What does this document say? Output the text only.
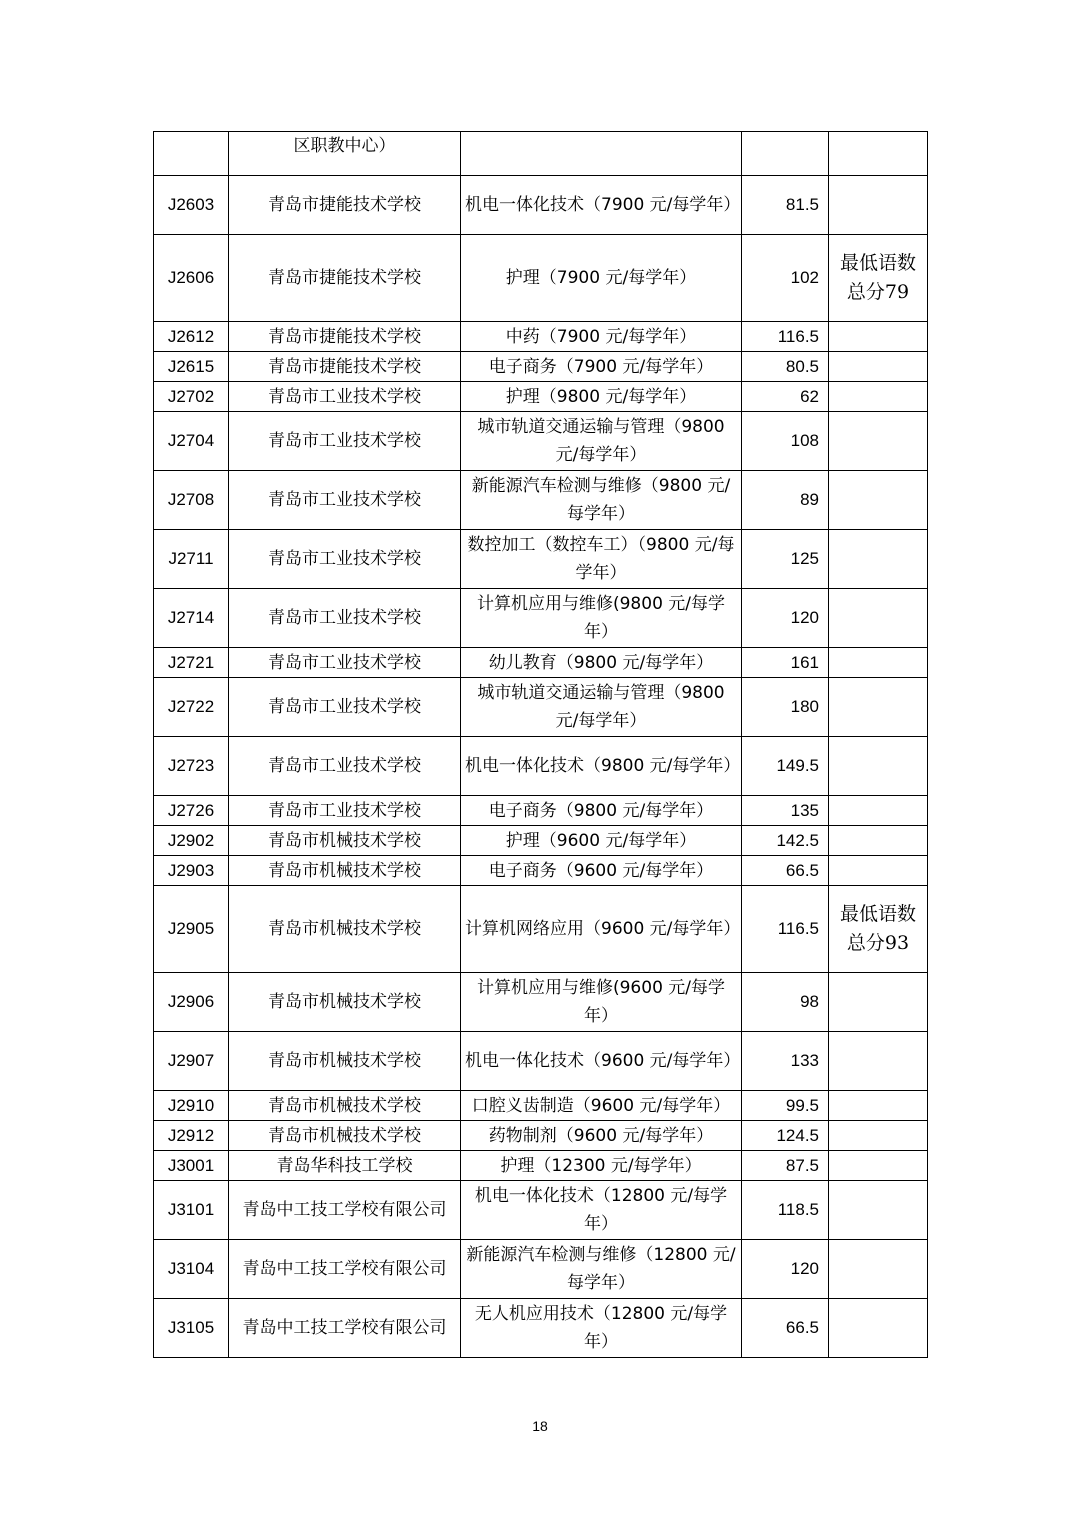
	区职教中心）			
J2603	青岛市捷能技术学校	机电一体化技术（7900 元/每学年）	81.5	
J2606	青岛市捷能技术学校	护理（7900 元/每学年）	102	最低语数总分79
J2612	青岛市捷能技术学校	中药（7900 元/每学年）	116.5	
J2615	青岛市捷能技术学校	电子商务（7900 元/每学年）	80.5	
J2702	青岛市工业技术学校	护理（9800 元/每学年）	62	
J2704	青岛市工业技术学校	城市轨道交通运输与管理（9800 元/每学年）	108	
J2708	青岛市工业技术学校	新能源汽车检测与维修（9800 元/每学年）	89	
J2711	青岛市工业技术学校	数控加工（数控车工）（9800 元/每学年）	125	
J2714	青岛市工业技术学校	计算机应用与维修(9800 元/每学年）	120	
J2721	青岛市工业技术学校	幼儿教育（9800 元/每学年）	161	
J2722	青岛市工业技术学校	城市轨道交通运输与管理（9800 元/每学年）	180	
J2723	青岛市工业技术学校	机电一体化技术（9800 元/每学年）	149.5	
J2726	青岛市工业技术学校	电子商务（9800 元/每学年）	135	
J2902	青岛市机械技术学校	护理（9600 元/每学年）	142.5	
J2903	青岛市机械技术学校	电子商务（9600 元/每学年）	66.5	
J2905	青岛市机械技术学校	计算机网络应用（9600 元/每学年）	116.5	最低语数总分93
J2906	青岛市机械技术学校	计算机应用与维修(9600 元/每学年）	98	
J2907	青岛市机械技术学校	机电一体化技术（9600 元/每学年）	133	
J2910	青岛市机械技术学校	口腔义齿制造（9600 元/每学年）	99.5	
J2912	青岛市机械技术学校	药物制剂（9600 元/每学年）	124.5	
J3001	青岛华科技工学校	护理（12300 元/每学年）	87.5	
J3101	青岛中工技工学校有限公司	机电一体化技术（12800 元/每学年）	118.5	
J3104	青岛中工技工学校有限公司	新能源汽车检测与维修（12800 元/每学年）	120	
J3105	青岛中工技工学校有限公司	无人机应用技术（12800 元/每学年）	66.5	
18
